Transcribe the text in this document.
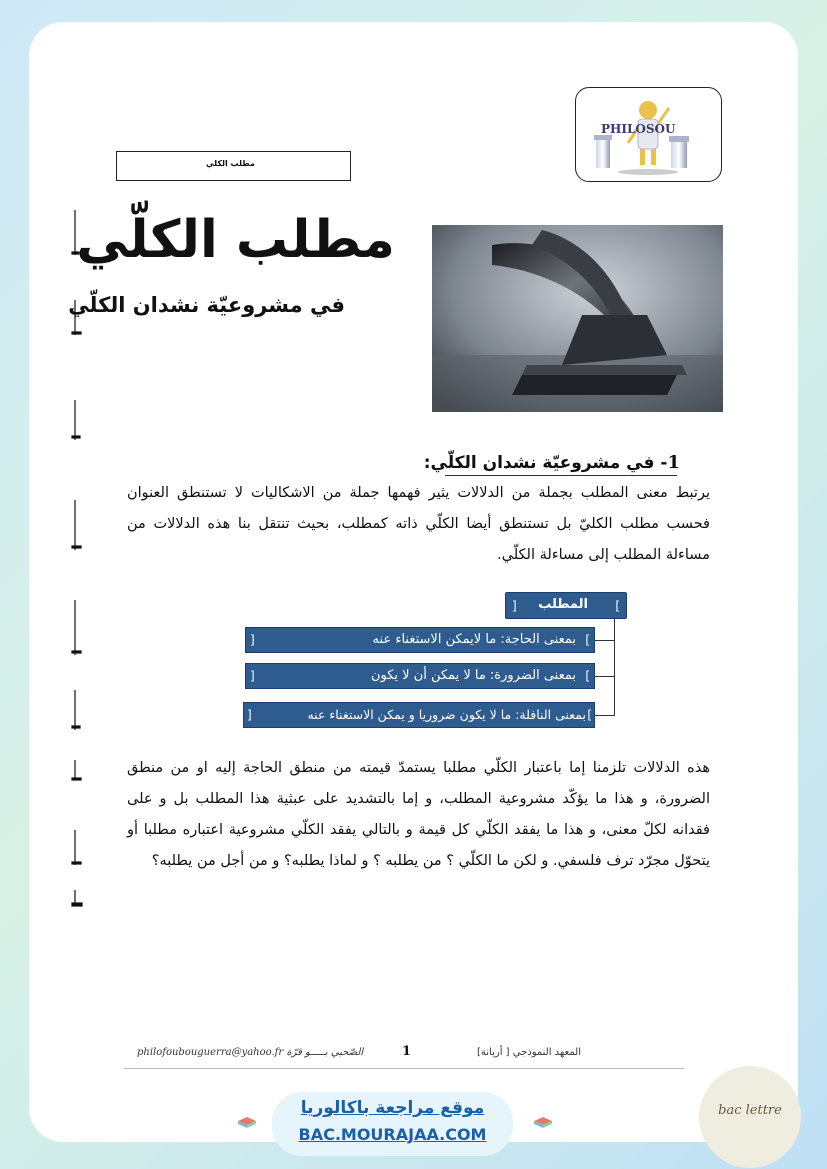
PHILOSOU
مطلب الكلي
مطلب الكلّي
في مشروعيّة نشدان الكلّي
1- في مشروعيّة نشدان الكلّي:
يرتبط معنى المطلب بجملة من الدلالات يثير فهمها جملة من الاشكاليات لا تستنطق العنوان فحسب مطلب الكليّ بل تستنطق أيضا الكلّي ذاته كمطلب، بحيث تنتقل بنا هذه الدلالات من مساءلة المطلب إلى مساءلة الكلّي.
]
المطلب
[
]
بمعنى الحاجة: ما لايمكن الاستغناء عنه
[
]
بمعنى الضرورة: ما لا يمكن أن لا يكون
[
]
بمعنى النافلة: ما لا يكون ضروريا و يمكن الاستغناء عنه
[
هذه الدلالات تلزمنا إما باعتبار الكلّي مطلبا يستمدّ قيمته من منطق الحاجة إليه او من منطق الضرورة، و هذا ما يؤكّد مشروعية المطلب، و إما بالتشديد على عبثية هذا المطلب بل و على فقدانه لكلّ معنى، و هذا ما يفقد الكلّي كل قيمة و بالتالي يفقد الكلّي مشروعية اعتباره مطلبا أو يتحوّل مجرّد ترف فلسفي. و لكن ما الكلّي ؟ من يطلبه ؟ و لماذا يطلبه؟ و من أجل من يطلبه؟
الصّحبي بـــــو قرّة philofoubouguerra@yahoo.fr	1	المعهد النموذجي [ أريانة]
موقع مراجعة باكالوريا
BAC.MOURAJAA.COM
bac lettre
